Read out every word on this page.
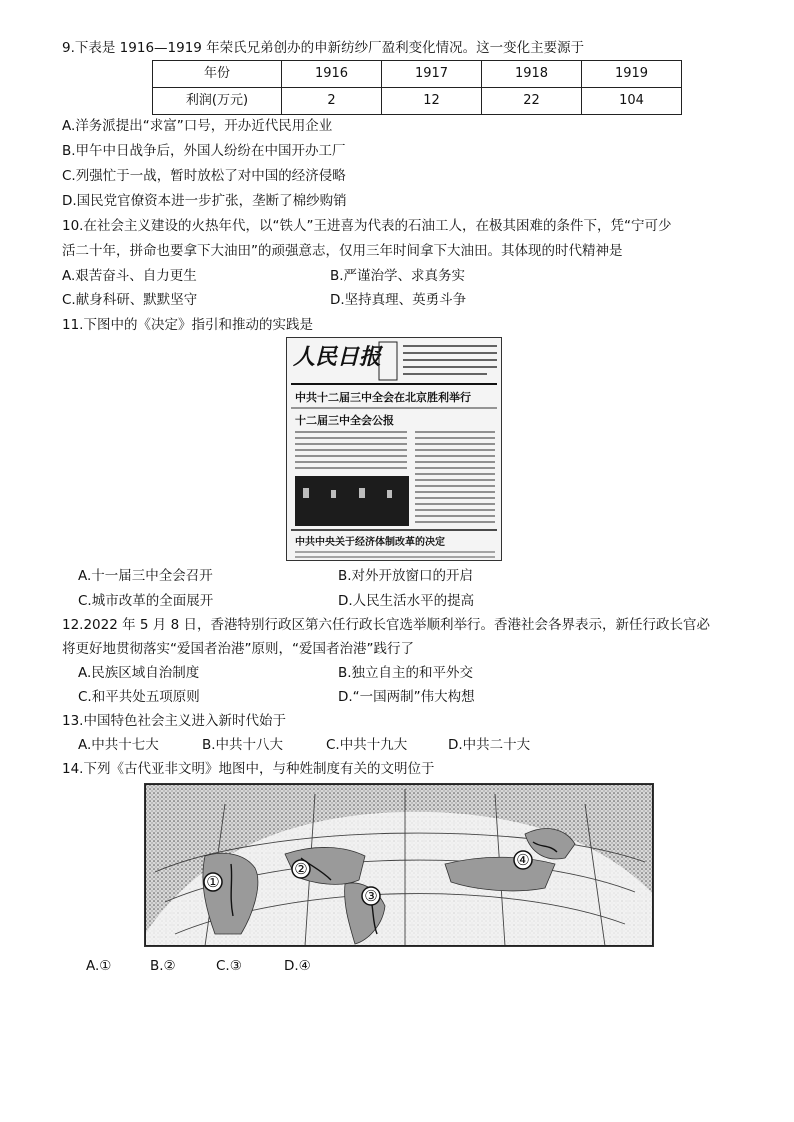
9.下表是 1916—1919 年荣氏兄弟创办的申新纺纱厂盈利变化情况。这一变化主要源于
年份	1916	1917	1918	1919
利润(万元)	2	12	22	104
A.洋务派提出“求富”口号，开办近代民用企业
B.甲午中日战争后，外国人纷纷在中国开办工厂
C.列强忙于一战，暂时放松了对中国的经济侵略
D.国民党官僚资本进一步扩张，垄断了棉纱购销
10.在社会主义建设的火热年代，以“铁人”王进喜为代表的石油工人，在极其困难的条件下，凭“宁可少
活二十年，拼命也要拿下大油田”的顽强意志，仅用三年时间拿下大油田。其体现的时代精神是
A.艰苦奋斗、自力更生	B.严谨治学、求真务实
C.献身科研、默默坚守	D.坚持真理、英勇斗争
11.下图中的《决定》指引和推动的实践是
人民日报
中共十二届三中全会在北京胜利举行
十二届三中全会公报
中共中央关于经济体制改革的决定
A.十一届三中全会召开	B.对外开放窗口的开启
C.城市改革的全面展开	D.人民生活水平的提高
12.2022 年 5 月 8 日，香港特别行政区第六任行政长官选举顺利举行。香港社会各界表示，新任行政长官必
将更好地贯彻落实“爱国者治港”原则，“爱国者治港”践行了
A.民族区域自治制度	B.独立自主的和平外交
C.和平共处五项原则	D.“一国两制”伟大构想
13.中国特色社会主义进入新时代始于
A.中共十七大	B.中共十八大	C.中共十九大	D.中共二十大
14.下列《古代亚非文明》地图中，与种姓制度有关的文明位于
①
②
③
④
A.①	B.②	C.③	D.④
